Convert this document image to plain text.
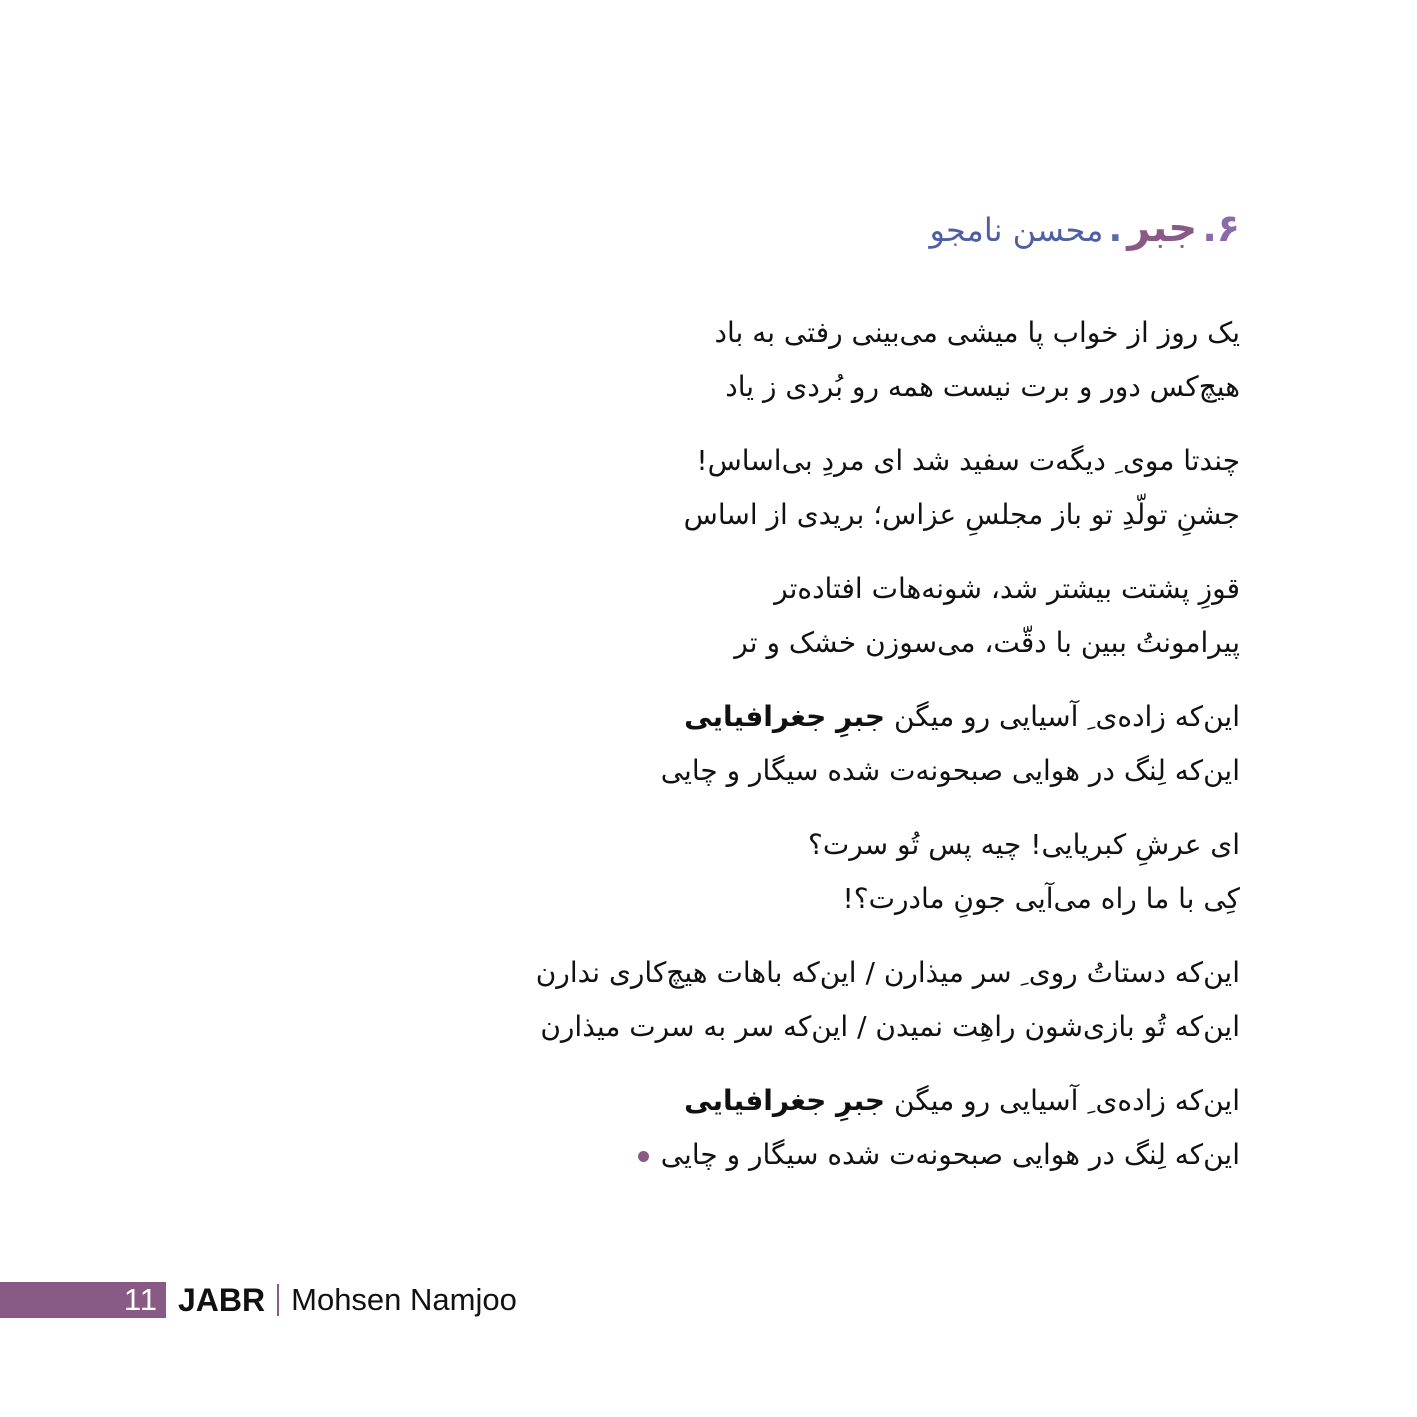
۶. جبر . محسن نامجو
یک روز از خواب پا میشی می‌بینی رفتی به باد
هیچ‌کس دور و برت نیست همه رو بُردی ز یاد
چندتا موی ِ دیگه‌ت سفید شد ای مردِ بی‌اساس!
جشنِ تولّدِ تو باز مجلسِ عزاس؛ بریدی از اساس
قوزِ پشتت بیشتر شد، شونه‌هات افتاده‌تر
پیرامونتُ ببین با دقّت، می‌سوزن خشک و تر
این‌که زاده‌ی ِ آسیایی رو میگن جبرِ جغرافیایی
این‌که لِنگ در هوایی صبحونه‌ت شده سیگار و چایی
ای عرشِ کبریایی! چیه پس تُو سرت؟
کِی با ما راه می‌آیی جونِ مادرت؟!
این‌که دستاتُ روی ِ سر میذارن / این‌که باهات هیچ‌کاری ندارن
این‌که تُو بازی‌شون راهِت نمیدن / این‌که سر به سرت میذارن
این‌که زاده‌ی ِ آسیایی رو میگن جبرِ جغرافیایی
این‌که لِنگ در هوایی صبحونه‌ت شده سیگار و چایی
11 JABR Mohsen Namjoo
